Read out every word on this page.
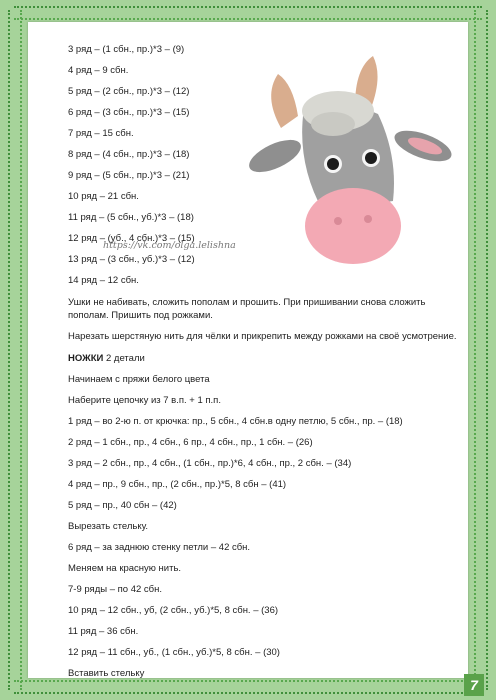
https://vk.com/olga.lelishna

3 ряд – (1 сбн., пр.)*3 – (9)

4 ряд – 9 сбн.

5 ряд – (2 сбн., пр.)*3 – (12)

6 ряд – (3 сбн., пр.)*3 – (15)

7 ряд – 15 сбн.

8 ряд – (4 сбн., пр.)*3 – (18)

9 ряд – (5 сбн., пр.)*3 – (21)

10 ряд – 21 сбн.

11 ряд – (5 сбн., уб.)*3 – (18)

12 ряд – (уб., 4 сбн.)*3 – (15)

13 ряд – (3 сбн., уб.)*3 – (12)

14 ряд – 12 сбн.

Ушки не набивать, сложить пополам и прошить. При пришивании снова сложить пополам. Пришить под рожками.

Нарезать шерстяную нить для чёлки и прикрепить между рожками на своё усмотрение.

НОЖКИ 2 детали

Начинаем с пряжи белого цвета

Наберите цепочку из 7 в.п. + 1 п.п.

1 ряд – во 2-ю п. от крючка: пр., 5 сбн., 4 сбн.в одну петлю, 5 сбн., пр. – (18)

2 ряд – 1 сбн., пр., 4 сбн., 6 пр., 4 сбн., пр., 1 сбн. – (26)

3 ряд – 2 сбн., пр., 4 сбн., (1 сбн., пр.)*6, 4 сбн., пр., 2 сбн. – (34)

4 ряд – пр., 9 сбн., пр., (2 сбн., пр.)*5, 8 сбн – (41)

5 ряд – пр., 40 сбн – (42)

Вырезать стельку.

6 ряд – за заднюю стенку петли – 42 сбн.

Меняем на красную нить.

7-9 ряды – по 42 сбн.

10 ряд – 12 сбн., уб, (2 сбн., уб.)*5, 8 сбн. – (36)

11 ряд – 36 сбн.

12 ряд – 11 сбн., уб., (1 сбн., уб.)*5, 8 сбн. – (30)

Вставить стельку

7
